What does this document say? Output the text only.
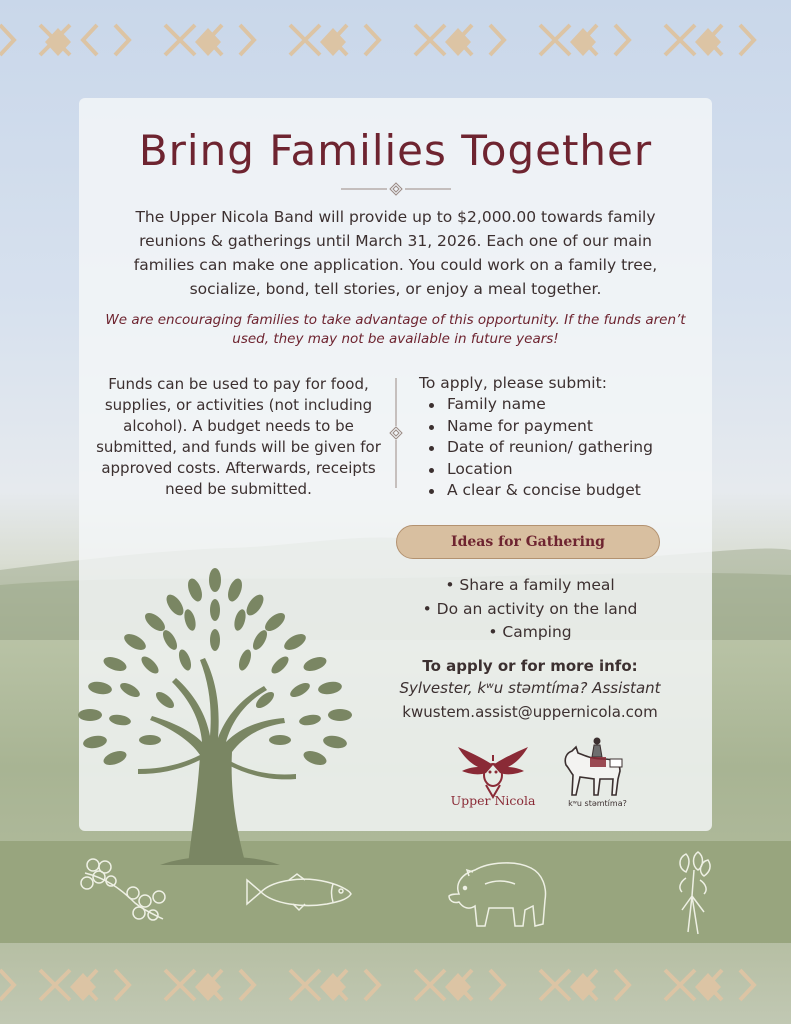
Bring Families Together

The Upper Nicola Band will provide up to $2,000.00 towards family reunions & gatherings until March 31, 2026. Each one of our main families can make one application. You could work on a family tree, socialize, bond, tell stories, or enjoy a meal together.

We are encouraging families to take advantage of this opportunity. If the funds aren’t used, they may not be available in future years!

Funds can be used to pay for food, supplies, or activities (not including alcohol). A budget needs to be submitted, and funds will be given for approved costs. Afterwards, receipts need be submitted.

To apply, please submit:

Family name
Name for payment
Date of reunion/ gathering
Location
A clear & concise budget
Ideas for Gathering
• Share a family meal
• Do an activity on the land
• Camping
To apply or for more info:
Sylvester, kʷu stəmtíma? Assistant
kwustem.assist@uppernicola.com
Upper Nicola	kʷu stəmtíma?
